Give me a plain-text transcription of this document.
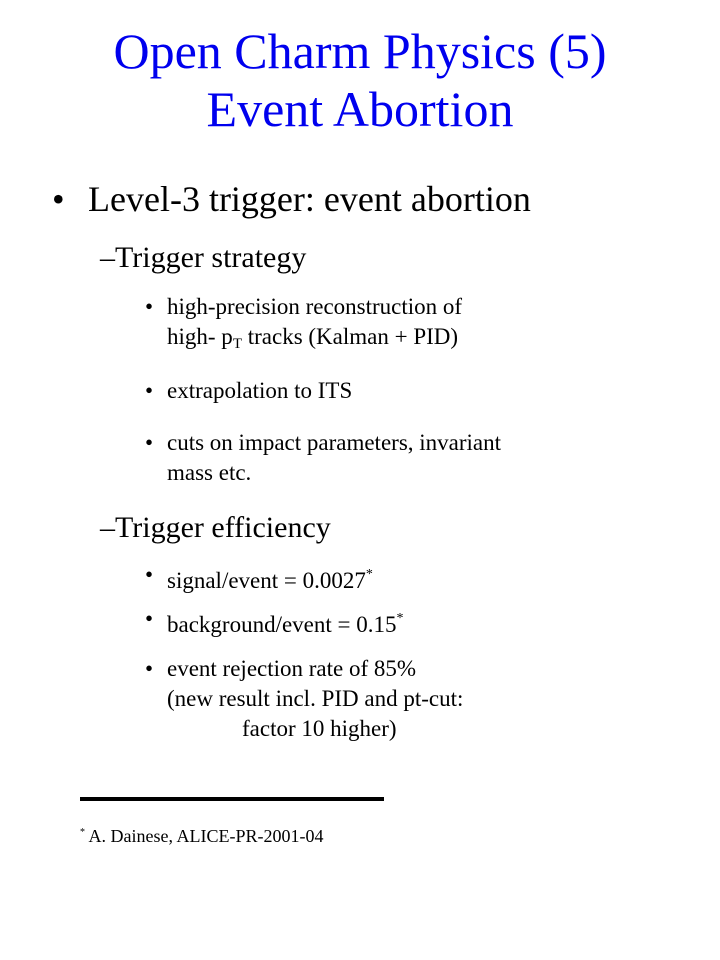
Open Charm Physics (5)
Event Abortion
• Level-3 trigger: event abortion
–Trigger strategy
• high-precision reconstruction of
high- $p_T$ tracks (Kalman + PID)
• extrapolation to ITS
• cuts on impact parameters, invariant
mass etc.
–Trigger efficiency
• signal/event = 0.0027*
• background/event = 0.15*
• event rejection rate of 85%
(new result incl. PID and pt-cut:
factor 10 higher)
* A. Dainese, ALICE-PR-2001-04
